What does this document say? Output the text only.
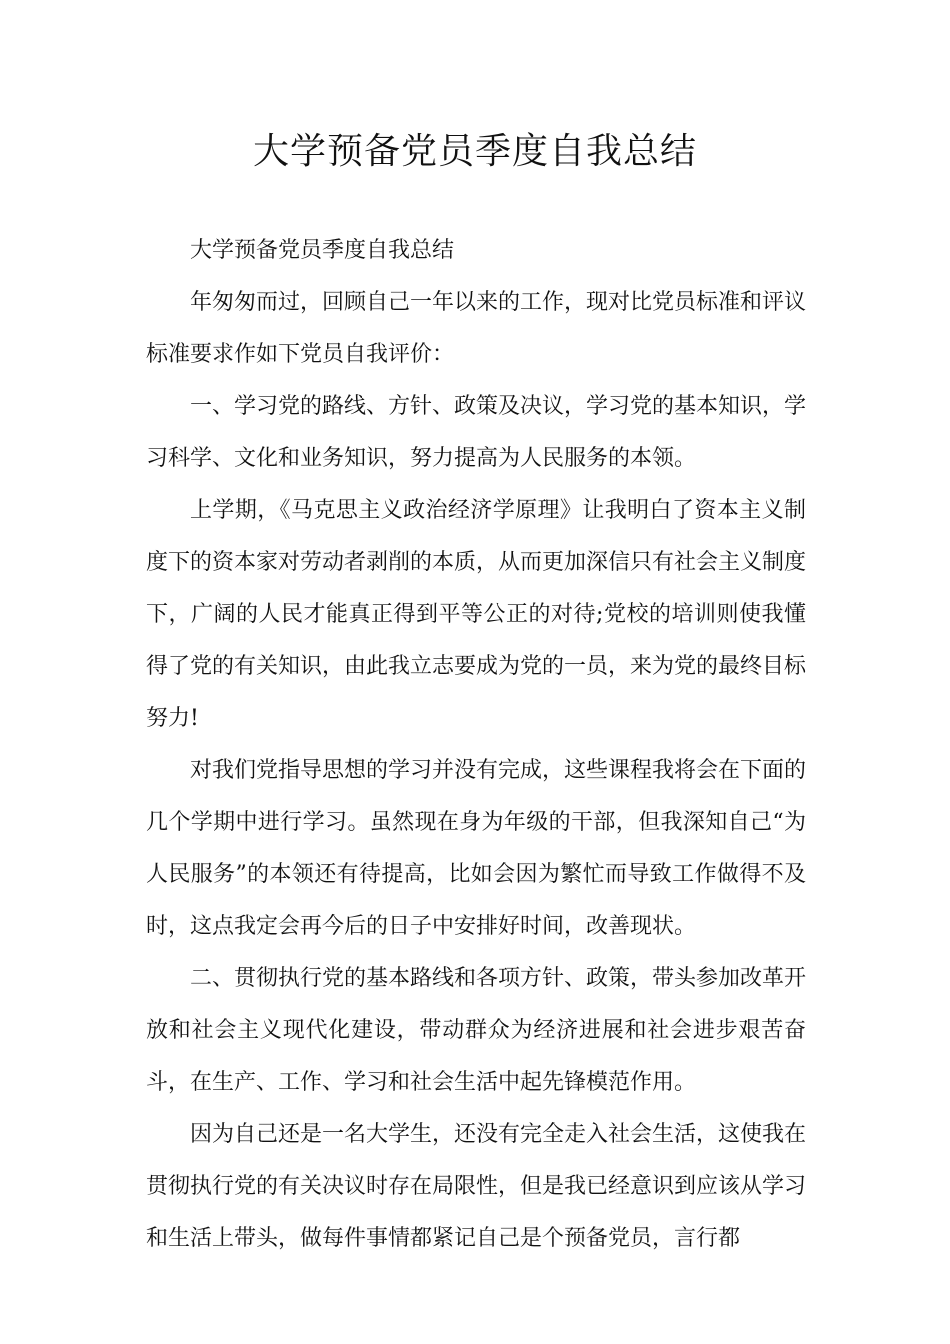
大学预备党员季度自我总结

大学预备党员季度自我总结

年匆匆而过，回顾自己一年以来的工作，现对比党员标准和评议标准要求作如下党员自我评价：

一、学习党的路线、方针、政策及决议，学习党的基本知识，学习科学、文化和业务知识，努力提高为人民服务的本领。

上学期，《马克思主义政治经济学原理》让我明白了资本主义制度下的资本家对劳动者剥削的本质，从而更加深信只有社会主义制度下，广阔的人民才能真正得到平等公正的对待;党校的培训则使我懂得了党的有关知识，由此我立志要成为党的一员，来为党的最终目标努力!

对我们党指导思想的学习并没有完成，这些课程我将会在下面的几个学期中进行学习。虽然现在身为年级的干部，但我深知自己“为人民服务”的本领还有待提高，比如会因为繁忙而导致工作做得不及时，这点我定会再今后的日子中安排好时间，改善现状。

二、贯彻执行党的基本路线和各项方针、政策，带头参加改革开放和社会主义现代化建设，带动群众为经济进展和社会进步艰苦奋斗，在生产、工作、学习和社会生活中起先锋模范作用。

因为自己还是一名大学生，还没有完全走入社会生活，这使我在贯彻执行党的有关决议时存在局限性，但是我已经意识到应该从学习和生活上带头，做每件事情都紧记自己是个预备党员，言行都
